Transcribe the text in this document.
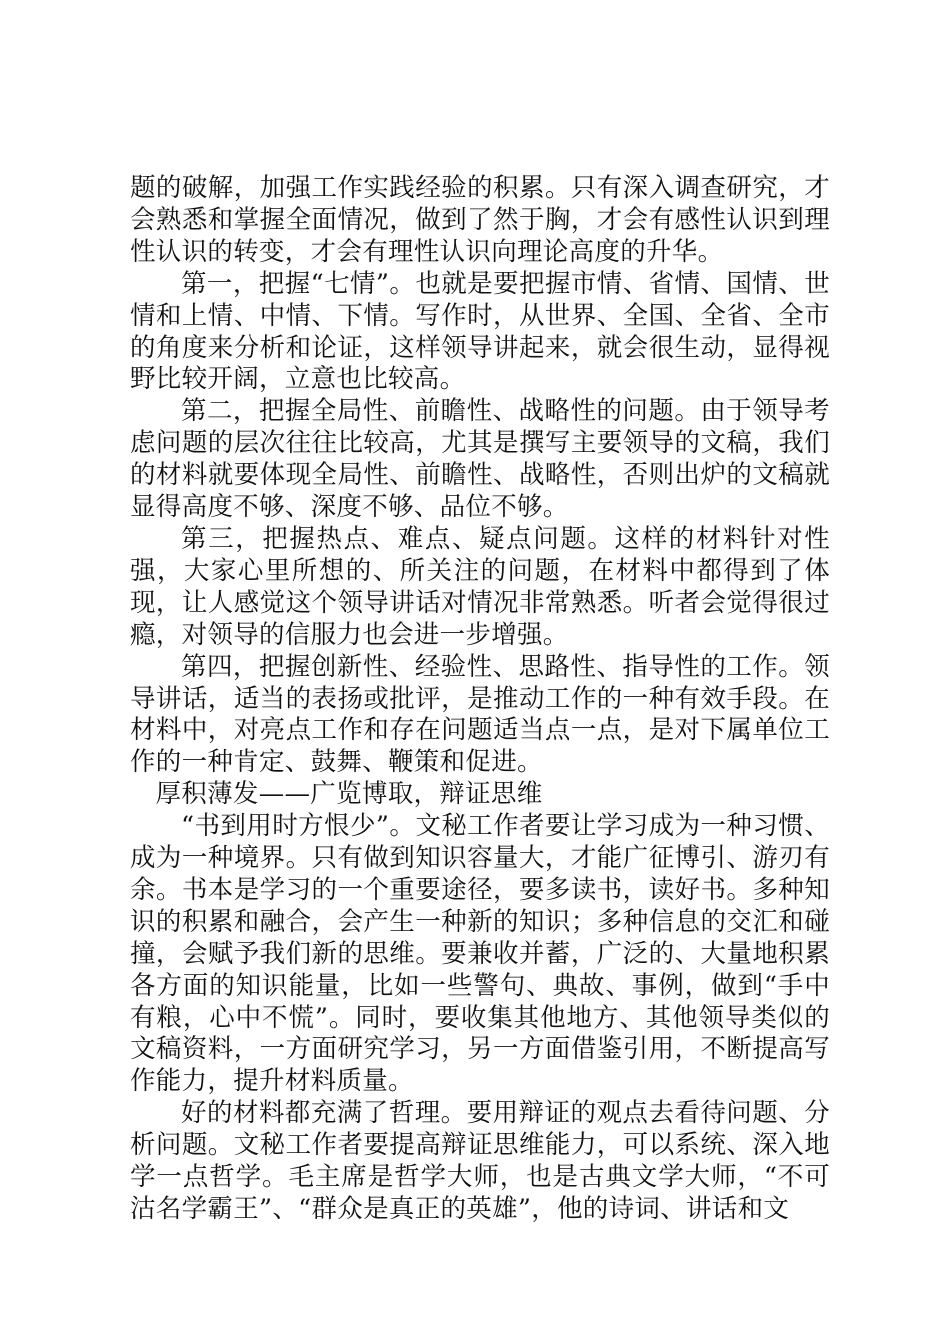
题的破解，加强工作实践经验的积累。只有深入调查研究，才会熟悉和掌握全面情况，做到了然于胸，才会有感性认识到理性认识的转变，才会有理性认识向理论高度的升华。

第一，把握“七情”。也就是要把握市情、省情、国情、世情和上情、中情、下情。写作时，从世界、全国、全省、全市的角度来分析和论证，这样领导讲起来，就会很生动，显得视野比较开阔，立意也比较高。

第二，把握全局性、前瞻性、战略性的问题。由于领导考虑问题的层次往往比较高，尤其是撰写主要领导的文稿，我们的材料就要体现全局性、前瞻性、战略性，否则出炉的文稿就显得高度不够、深度不够、品位不够。

第三，把握热点、难点、疑点问题。这样的材料针对性强，大家心里所想的、所关注的问题，在材料中都得到了体现，让人感觉这个领导讲话对情况非常熟悉。听者会觉得很过瘾，对领导的信服力也会进一步增强。

第四，把握创新性、经验性、思路性、指导性的工作。领导讲话，适当的表扬或批评，是推动工作的一种有效手段。在材料中，对亮点工作和存在问题适当点一点，是对下属单位工作的一种肯定、鼓舞、鞭策和促进。

厚积薄发——广览博取，辩证思维

“书到用时方恨少”。文秘工作者要让学习成为一种习惯、成为一种境界。只有做到知识容量大，才能广征博引、游刃有余。书本是学习的一个重要途径，要多读书，读好书。多种知识的积累和融合，会产生一种新的知识；多种信息的交汇和碰撞，会赋予我们新的思维。要兼收并蓄，广泛的、大量地积累各方面的知识能量，比如一些警句、典故、事例，做到“手中有粮，心中不慌”。同时，要收集其他地方、其他领导类似的文稿资料，一方面研究学习，另一方面借鉴引用，不断提高写作能力，提升材料质量。

好的材料都充满了哲理。要用辩证的观点去看待问题、分析问题。文秘工作者要提高辩证思维能力，可以系统、深入地学一点哲学。毛主席是哲学大师，也是古典文学大师，“不可沽名学霸王”、“群众是真正的英雄”，他的诗词、讲话和文
